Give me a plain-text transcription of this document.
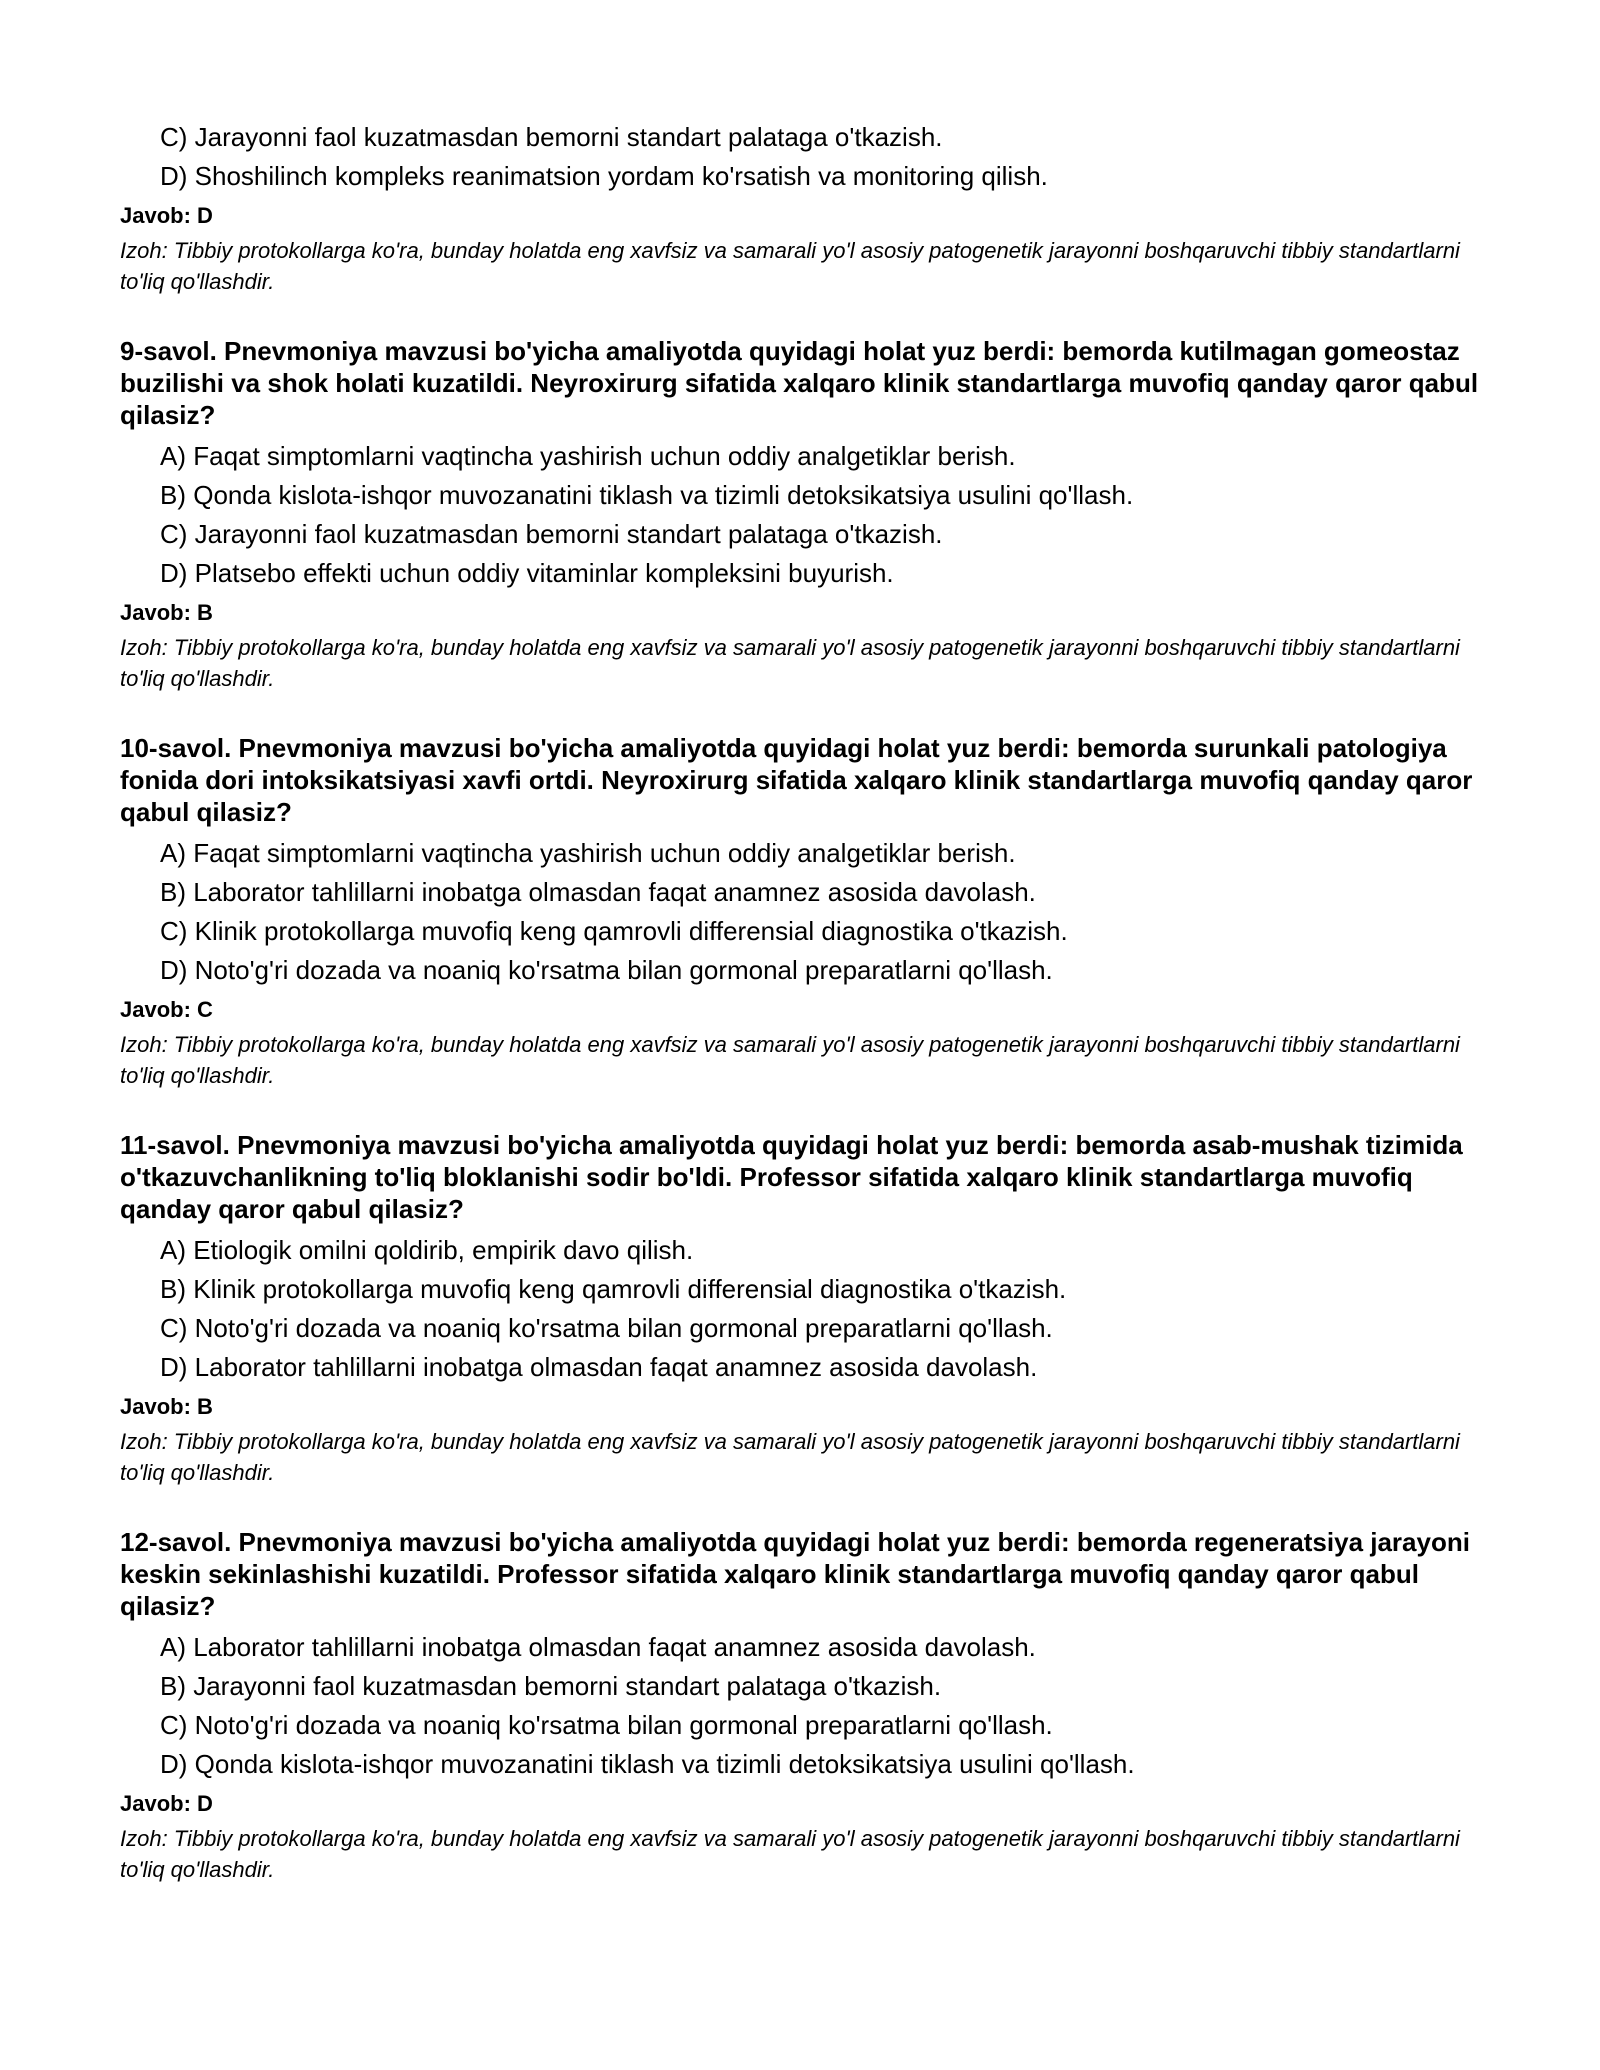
C) Jarayonni faol kuzatmasdan bemorni standart palataga o'tkazish.
D) Shoshilinch kompleks reanimatsion yordam ko'rsatish va monitoring qilish.
Javob: D
Izoh: Tibbiy protokollarga ko'ra, bunday holatda eng xavfsiz va samarali yo'l asosiy patogenetik jarayonni boshqaruvchi tibbiy standartlarni to'liq qo'llashdir.
9-savol. Pnevmoniya mavzusi bo'yicha amaliyotda quyidagi holat yuz berdi: bemorda kutilmagan gomeostaz buzilishi va shok holati kuzatildi. Neyroxirurg sifatida xalqaro klinik standartlarga muvofiq qanday qaror qabul qilasiz?
A) Faqat simptomlarni vaqtincha yashirish uchun oddiy analgetiklar berish.
B) Qonda kislota-ishqor muvozanatini tiklash va tizimli detoksikatsiya usulini qo'llash.
C) Jarayonni faol kuzatmasdan bemorni standart palataga o'tkazish.
D) Platsebo effekti uchun oddiy vitaminlar kompleksini buyurish.
Javob: B
Izoh: Tibbiy protokollarga ko'ra, bunday holatda eng xavfsiz va samarali yo'l asosiy patogenetik jarayonni boshqaruvchi tibbiy standartlarni to'liq qo'llashdir.
10-savol. Pnevmoniya mavzusi bo'yicha amaliyotda quyidagi holat yuz berdi: bemorda surunkali patologiya fonida dori intoksikatsiyasi xavfi ortdi. Neyroxirurg sifatida xalqaro klinik standartlarga muvofiq qanday qaror qabul qilasiz?
A) Faqat simptomlarni vaqtincha yashirish uchun oddiy analgetiklar berish.
B) Laborator tahlillarni inobatga olmasdan faqat anamnez asosida davolash.
C) Klinik protokollarga muvofiq keng qamrovli differensial diagnostika o'tkazish.
D) Noto'g'ri dozada va noaniq ko'rsatma bilan gormonal preparatlarni qo'llash.
Javob: C
Izoh: Tibbiy protokollarga ko'ra, bunday holatda eng xavfsiz va samarali yo'l asosiy patogenetik jarayonni boshqaruvchi tibbiy standartlarni to'liq qo'llashdir.
11-savol. Pnevmoniya mavzusi bo'yicha amaliyotda quyidagi holat yuz berdi: bemorda asab-mushak tizimida o'tkazuvchanlikning to'liq bloklanishi sodir bo'ldi. Professor sifatida xalqaro klinik standartlarga muvofiq qanday qaror qabul qilasiz?
A) Etiologik omilni qoldirib, empirik davo qilish.
B) Klinik protokollarga muvofiq keng qamrovli differensial diagnostika o'tkazish.
C) Noto'g'ri dozada va noaniq ko'rsatma bilan gormonal preparatlarni qo'llash.
D) Laborator tahlillarni inobatga olmasdan faqat anamnez asosida davolash.
Javob: B
Izoh: Tibbiy protokollarga ko'ra, bunday holatda eng xavfsiz va samarali yo'l asosiy patogenetik jarayonni boshqaruvchi tibbiy standartlarni to'liq qo'llashdir.
12-savol. Pnevmoniya mavzusi bo'yicha amaliyotda quyidagi holat yuz berdi: bemorda regeneratsiya jarayoni keskin sekinlashishi kuzatildi. Professor sifatida xalqaro klinik standartlarga muvofiq qanday qaror qabul qilasiz?
A) Laborator tahlillarni inobatga olmasdan faqat anamnez asosida davolash.
B) Jarayonni faol kuzatmasdan bemorni standart palataga o'tkazish.
C) Noto'g'ri dozada va noaniq ko'rsatma bilan gormonal preparatlarni qo'llash.
D) Qonda kislota-ishqor muvozanatini tiklash va tizimli detoksikatsiya usulini qo'llash.
Javob: D
Izoh: Tibbiy protokollarga ko'ra, bunday holatda eng xavfsiz va samarali yo'l asosiy patogenetik jarayonni boshqaruvchi tibbiy standartlarni to'liq qo'llashdir.
